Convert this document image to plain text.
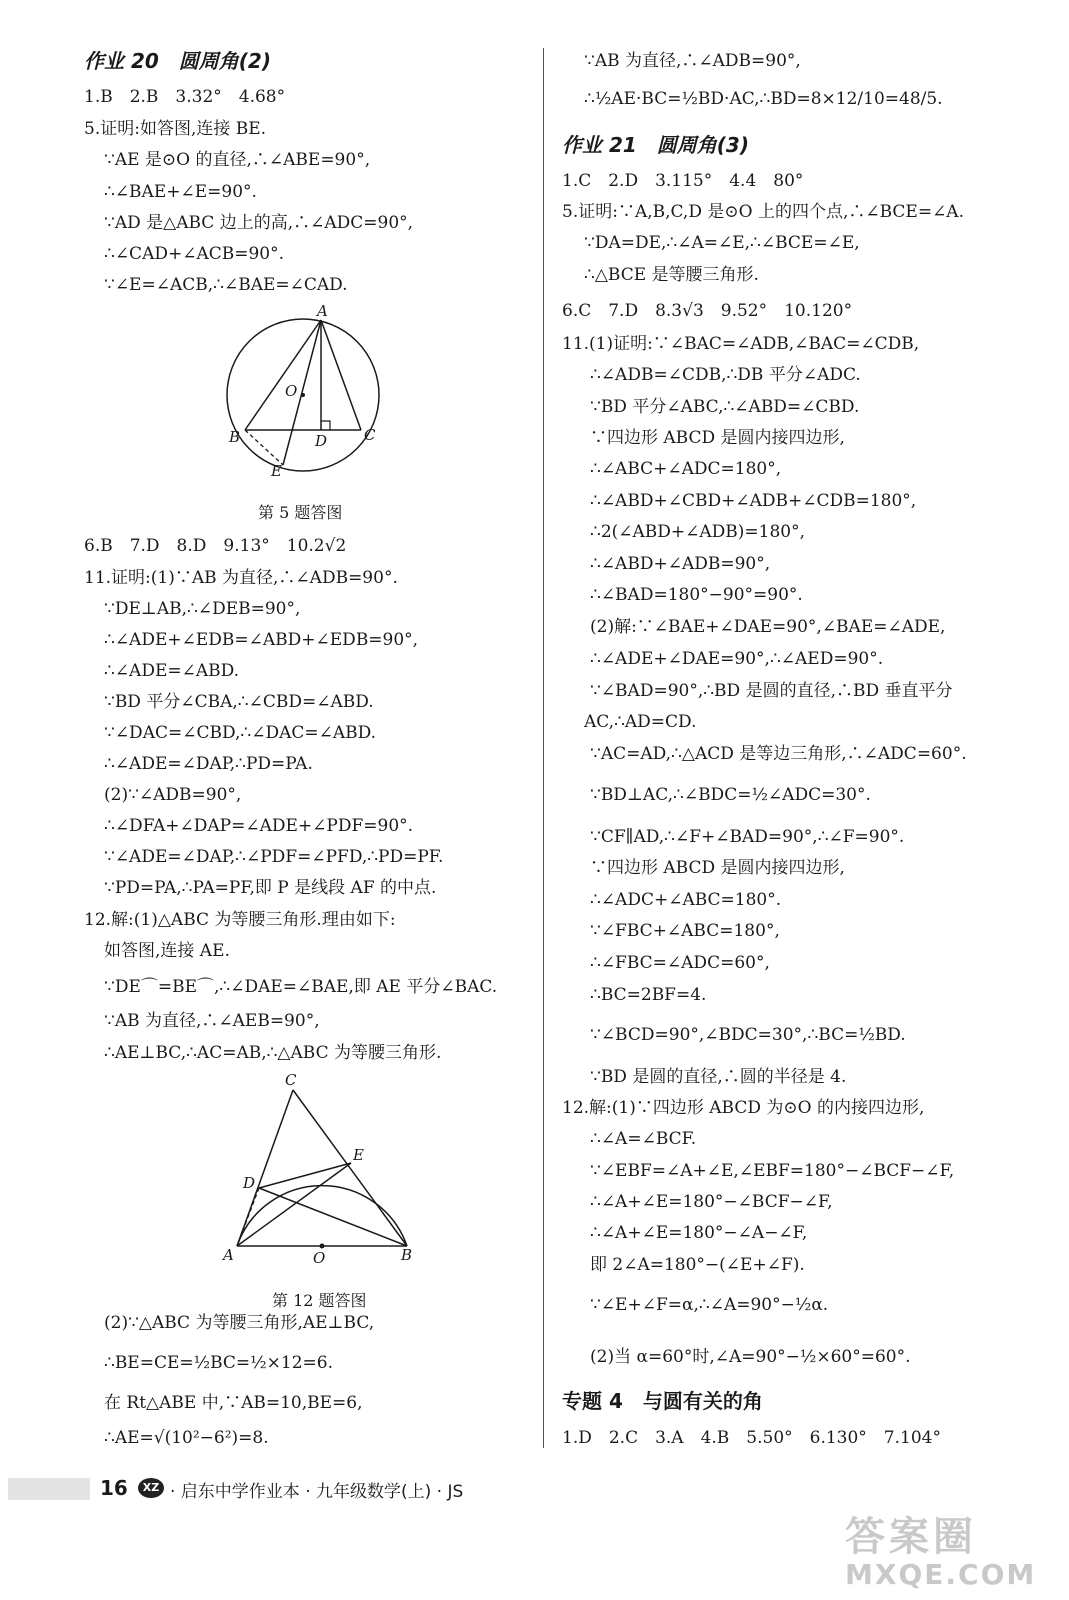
作业 20　圆周角(2)
1.B　2.B　3.32°　4.68°
5.证明:如答图,连接 BE.
∵AE 是⊙O 的直径,∴∠ABE=90°,
∴∠BAE+∠E=90°.
∵AD 是△ABC 边上的高,∴∠ADC=90°,
∴∠CAD+∠ACB=90°.
∵∠E=∠ACB,∴∠BAE=∠CAD.
A
O
B	D C
E
第 5 题答图
6.B　7.D　8.D　9.13°　10.2√2
11.证明:(1)∵AB 为直径,∴∠ADB=90°.
∵DE⊥AB,∴∠DEB=90°,
∴∠ADE+∠EDB=∠ABD+∠EDB=90°,
∴∠ADE=∠ABD.
∵BD 平分∠CBA,∴∠CBD=∠ABD.
∵∠DAC=∠CBD,∴∠DAC=∠ABD.
∴∠ADE=∠DAP,∴PD=PA.
(2)∵∠ADB=90°,
∴∠DFA+∠DAP=∠ADE+∠PDF=90°.
∵∠ADE=∠DAP,∴∠PDF=∠PFD,∴PD=PF.
∵PD=PA,∴PA=PF,即 P 是线段 AF 的中点.
12.解:(1)△ABC 为等腰三角形.理由如下:
如答图,连接 AE.
∵DE⌒=BE⌒,∴∠DAE=∠BAE,即 AE 平分∠BAC.
∵AB 为直径,∴∠AEB=90°,
∴AE⊥BC,∴AC=AB,∴△ABC 为等腰三角形.
C
E
D
A	O	B
第 12 题答图
(2)∵△ABC 为等腰三角形,AE⊥BC,
∴BE=CE=½BC=½×12=6.
在 Rt△ABE 中,∵AB=10,BE=6,
∴AE=√(10²−6²)=8.
∵AB 为直径,∴∠ADB=90°,
∴½AE·BC=½BD·AC,∴BD=8×12/10=48/5.
作业 21　圆周角(3)
1.C　2.D　3.115°　4.4　80°
5.证明:∵A,B,C,D 是⊙O 上的四个点,∴∠BCE=∠A.
∵DA=DE,∴∠A=∠E,∴∠BCE=∠E,
∴△BCE 是等腰三角形.
6.C　7.D　8.3√3　9.52°　10.120°
11.(1)证明:∵∠BAC=∠ADB,∠BAC=∠CDB,
∴∠ADB=∠CDB,∴DB 平分∠ADC.
∵BD 平分∠ABC,∴∠ABD=∠CBD.
∵四边形 ABCD 是圆内接四边形,
∴∠ABC+∠ADC=180°,
∴∠ABD+∠CBD+∠ADB+∠CDB=180°,
∴2(∠ABD+∠ADB)=180°,
∴∠ABD+∠ADB=90°,
∴∠BAD=180°−90°=90°.
(2)解:∵∠BAE+∠DAE=90°,∠BAE=∠ADE,
∴∠ADE+∠DAE=90°,∴∠AED=90°.
∵∠BAD=90°,∴BD 是圆的直径,∴BD 垂直平分
AC,∴AD=CD.
∵AC=AD,∴△ACD 是等边三角形,∴∠ADC=60°.
∵BD⊥AC,∴∠BDC=½∠ADC=30°.
∵CF∥AD,∴∠F+∠BAD=90°,∴∠F=90°.
∵四边形 ABCD 是圆内接四边形,
∴∠ADC+∠ABC=180°.
∵∠FBC+∠ABC=180°,
∴∠FBC=∠ADC=60°,
∴BC=2BF=4.
∵∠BCD=90°,∠BDC=30°,∴BC=½BD.
∵BD 是圆的直径,∴圆的半径是 4.
12.解:(1)∵四边形 ABCD 为⊙O 的内接四边形,
∴∠A=∠BCF.
∵∠EBF=∠A+∠E,∠EBF=180°−∠BCF−∠F,
∴∠A+∠E=180°−∠BCF−∠F,
∴∠A+∠E=180°−∠A−∠F,
即 2∠A=180°−(∠E+∠F).
∵∠E+∠F=α,∴∠A=90°−½α.
(2)当 α=60°时,∠A=90°−½×60°=60°.
专题 4　与圆有关的角
1.D　2.C　3.A　4.B　5.50°　6.130°　7.104°
16	XZ · 启东中学作业本 · 九年级数学(上) · JS
答案圈
MXQE.COM
